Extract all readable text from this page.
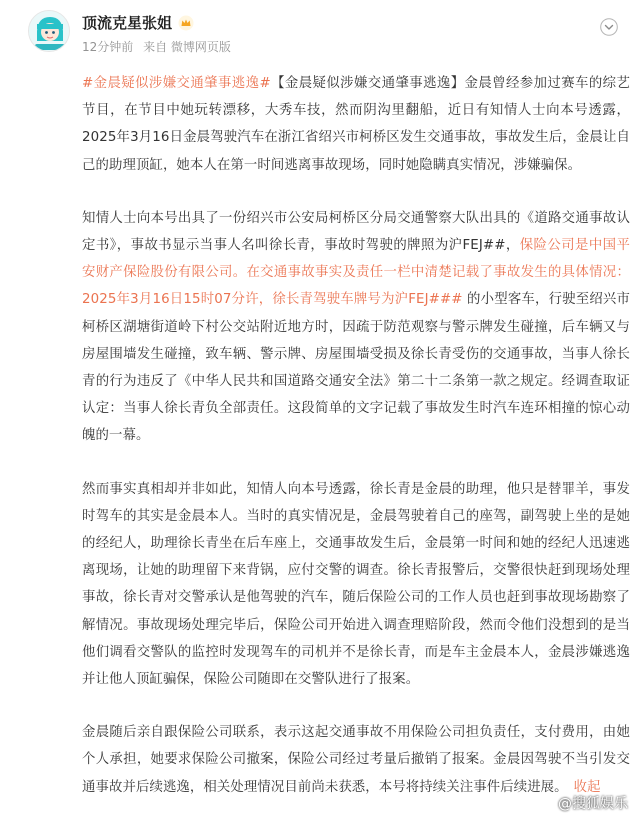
顶流克星张姐
12分钟前 来自 微博网页版

#金晨疑似涉嫌交通肇事逃逸#【金晨疑似涉嫌交通肇事逃逸】金晨曾经参加过赛车的综艺节目，在节目中她玩转漂移，大秀车技，然而阴沟里翻船，近日有知情人士向本号透露，2025年3月16日金晨驾驶汽车在浙江省绍兴市柯桥区发生交通事故，事故发生后，金晨让自己的助理顶缸，她本人在第一时间逃离事故现场，同时她隐瞒真实情况，涉嫌骗保。

知情人士向本号出具了一份绍兴市公安局柯桥区分局交通警察大队出具的《道路交通事故认定书》，事故书显示当事人名叫徐长青，事故时驾驶的牌照为沪FEJ##，保险公司是中国平安财产保险股份有限公司。在交通事故事实及责任一栏中清楚记载了事故发生的具体情况：2025年3月16日15时07分许，徐长青驾驶车牌号为沪FEJ### 的小型客车，行驶至绍兴市柯桥区湖塘街道岭下村公交站附近地方时，因疏于防范观察与警示牌发生碰撞，后车辆又与房屋围墙发生碰撞，致车辆、警示牌、房屋围墙受损及徐长青受伤的交通事故，当事人徐长青的行为违反了《中华人民共和国道路交通安全法》第二十二条第一款之规定。经调查取证认定：当事人徐长青负全部责任。这段简单的文字记载了事故发生时汽车连环相撞的惊心动魄的一幕。

然而事实真相却并非如此，知情人向本号透露，徐长青是金晨的助理，他只是替罪羊，事发时驾车的其实是金晨本人。当时的真实情况是，金晨驾驶着自己的座驾，副驾驶上坐的是她的经纪人，助理徐长青坐在后车座上，交通事故发生后，金晨第一时间和她的经纪人迅速逃离现场，让她的助理留下来背锅，应付交警的调查。徐长青报警后，交警很快赶到现场处理事故，徐长青对交警承认是他驾驶的汽车，随后保险公司的工作人员也赶到事故现场勘察了解情况。事故现场处理完毕后，保险公司开始进入调查理赔阶段，然而令他们没想到的是当他们调看交警队的监控时发现驾车的司机并不是徐长青，而是车主金晨本人，金晨涉嫌逃逸并让他人顶缸骗保，保险公司随即在交警队进行了报案。

金晨随后亲自跟保险公司联系，表示这起交通事故不用保险公司担负责任，支付费用，由她个人承担，她要求保险公司撤案，保险公司经过考量后撤销了报案。金晨因驾驶不当引发交通事故并后续逃逸，相关处理情况目前尚未获悉，本号将持续关注事件后续进展。 收起

@搜狐娱乐
